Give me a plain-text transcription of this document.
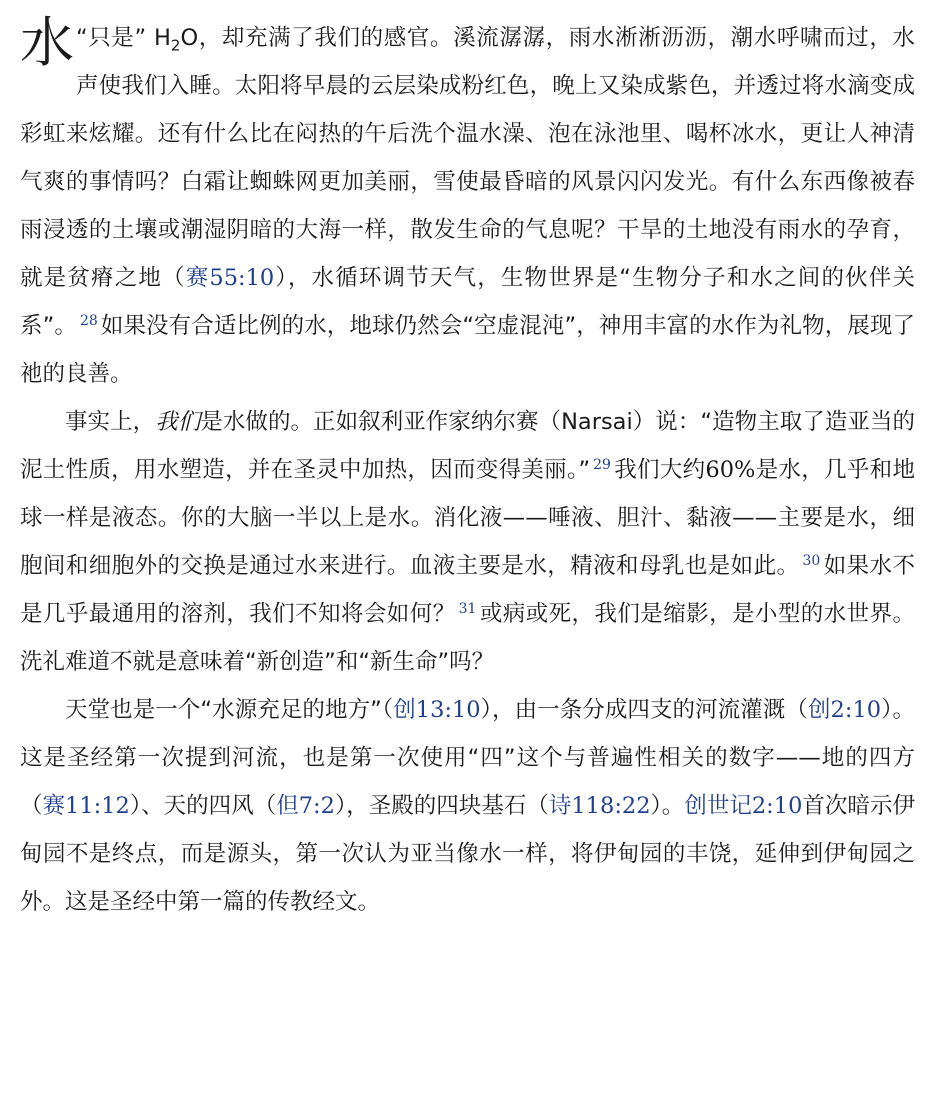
水 “只是” $H_2O$，却充满了我们的感官。溪流潺潺，雨水淅淅沥沥，潮水呼啸而过，水声使我们入睡。太阳将早晨的云层染成粉红色，晚上又染成紫色，并透过将水滴变成彩虹来炫耀。还有什么比在闷热的午后洗个温水澡、泡在泳池里、喝杯冰水，更让人神清气爽的事情吗？白霜让蜘蛛网更加美丽，雪使最昏暗的风景闪闪发光。有什么东西像被春雨浸透的土壤或潮湿阴暗的大海一样，散发生命的气息呢？干旱的土地没有雨水的孕育，就是贫瘠之地（赛55:10），水循环调节天气，生物世界是“生物分子和水之间的伙伴关系”。 $^{28}$ 如果没有合适比例的水，地球仍然会“空虚混沌”，神用丰富的水作为礼物，展现了祂的良善。

事实上，我们是水做的。正如叙利亚作家纳尔赛（Narsai）说：“造物主取了造亚当的泥土性质，用水塑造，并在圣灵中加热，因而变得美丽。” $^{29}$ 我们大约60%是水，几乎和地球一样是液态。你的大脑一半以上是水。消化液——唾液、胆汁、黏液——主要是水，细胞间和细胞外的交换是通过水来进行。血液主要是水，精液和母乳也是如此。 $^{30}$ 如果水不是几乎最通用的溶剂，我们不知将会如何？ $^{31}$ 或病或死，我们是缩影，是小型的水世界。洗礼难道不就是意味着“新创造”和“新生命”吗？

天堂也是一个“水源充足的地方”（创13:10），由一条分成四支的河流灌溉（创2:10）。这是圣经第一次提到河流，也是第一次使用“四”这个与普遍性相关的数字——地的四方（赛11:12）、天的四风（但7:2），圣殿的四块基石（诗118:22）。创世记2:10首次暗示伊甸园不是终点，而是源头，第一次认为亚当像水一样，将伊甸园的丰饶，延伸到伊甸园之外。这是圣经中第一篇的传教经文。
